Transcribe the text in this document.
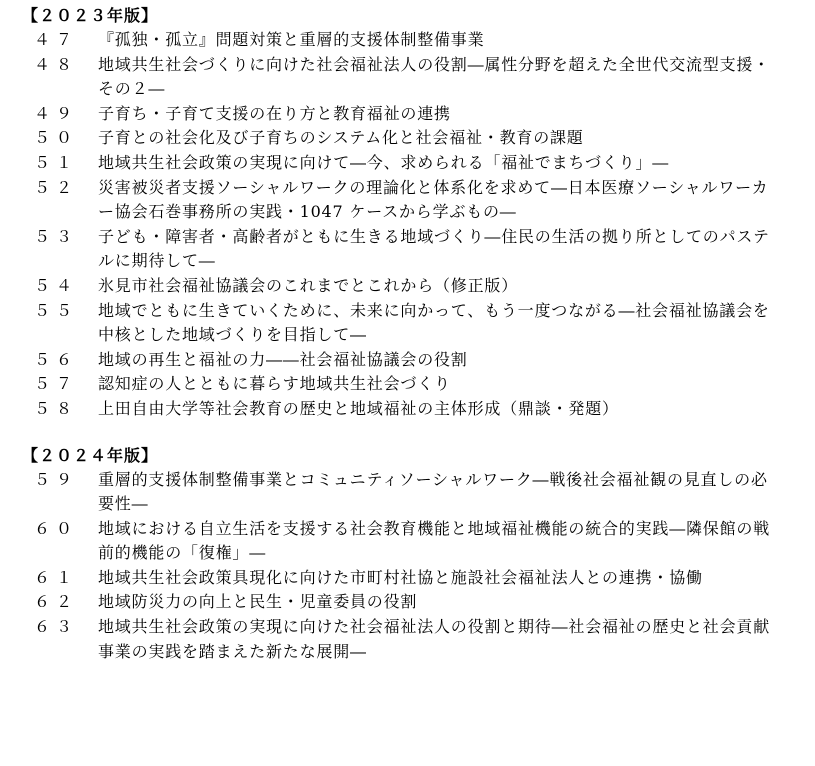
【２０２３年版】
４７	『孤独・孤立』問題対策と重層的支援体制整備事業
４８	地域共生社会づくりに向けた社会福祉法人の役割―属性分野を超えた全世代交流型支援・その２―
４９	子育ち・子育て支援の在り方と教育福祉の連携
５０	子育との社会化及び子育ちのシステム化と社会福祉・教育の課題
５１	地域共生社会政策の実現に向けて―今、求められる「福祉でまちづくり」―
５２	災害被災者支援ソーシャルワークの理論化と体系化を求めて―日本医療ソーシャルワーカー協会石巻事務所の実践・1047 ケースから学ぶもの―
５３	子ども・障害者・高齢者がともに生きる地域づくり―住民の生活の拠り所としてのパステルに期待して―
５４	氷見市社会福祉協議会のこれまでとこれから（修正版）
５５	地域でともに生きていくために、未来に向かって、もう一度つながる―社会福祉協議会を中核とした地域づくりを目指して―
５６	地域の再生と福祉の力――社会福祉協議会の役割
５７	認知症の人とともに暮らす地域共生社会づくり
５８	上田自由大学等社会教育の歴史と地域福祉の主体形成（鼎談・発題）
【２０２４年版】
５９	重層的支援体制整備事業とコミュニティソーシャルワーク―戦後社会福祉観の見直しの必要性―
６０	地域における自立生活を支援する社会教育機能と地域福祉機能の統合的実践―隣保館の戦前的機能の「復権」―
６１	地域共生社会政策具現化に向けた市町村社協と施設社会福祉法人との連携・協働
６２	地域防災力の向上と民生・児童委員の役割
６３	地域共生社会政策の実現に向けた社会福祉法人の役割と期待―社会福祉の歴史と社会貢献事業の実践を踏まえた新たな展開―
